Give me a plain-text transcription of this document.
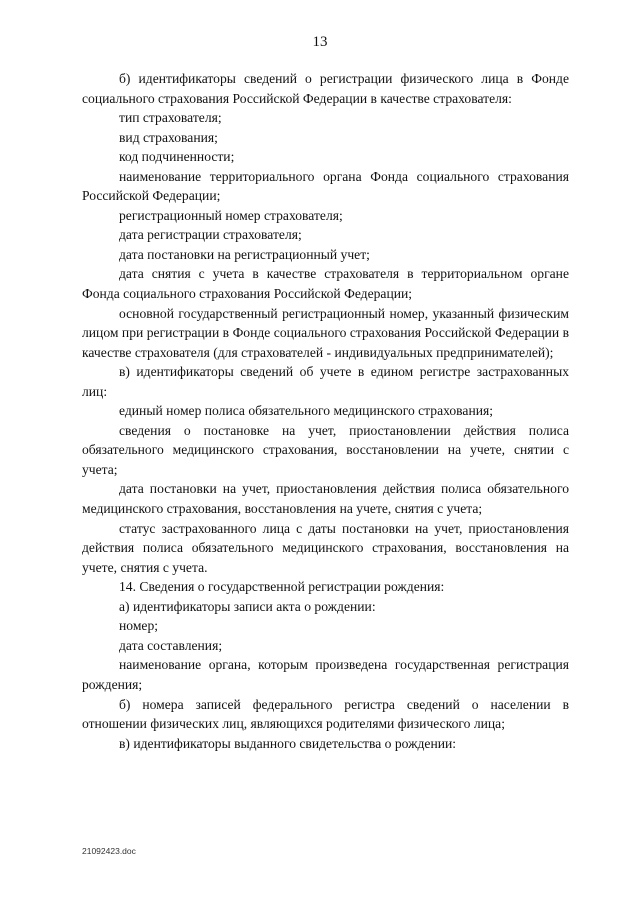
13

б) идентификаторы сведений о регистрации физического лица в Фонде социального страхования Российской Федерации в качестве страхователя:

тип страхователя;

вид страхования;

код подчиненности;

наименование территориального органа Фонда социального страхования Российской Федерации;

регистрационный номер страхователя;

дата регистрации страхователя;

дата постановки на регистрационный учет;

дата снятия с учета в качестве страхователя в территориальном органе Фонда социального страхования Российской Федерации;

основной государственный регистрационный номер, указанный физическим лицом при регистрации в Фонде социального страхования Российской Федерации в качестве страхователя (для страхователей - индивидуальных предпринимателей);

в) идентификаторы сведений об учете в едином регистре застрахованных лиц:

единый номер полиса обязательного медицинского страхования;

сведения о постановке на учет, приостановлении действия полиса обязательного медицинского страхования, восстановлении на учете, снятии с учета;

дата постановки на учет, приостановления действия полиса обязательного медицинского страхования, восстановления на учете, снятия с учета;

статус застрахованного лица с даты постановки на учет, приостановления действия полиса обязательного медицинского страхования, восстановления на учете, снятия с учета.

14. Сведения о государственной регистрации рождения:

а) идентификаторы записи акта о рождении:

номер;

дата составления;

наименование органа, которым произведена государственная регистрация рождения;

б) номера записей федерального регистра сведений о населении в отношении физических лиц, являющихся родителями физического лица;

в) идентификаторы выданного свидетельства о рождении:

21092423.doc
